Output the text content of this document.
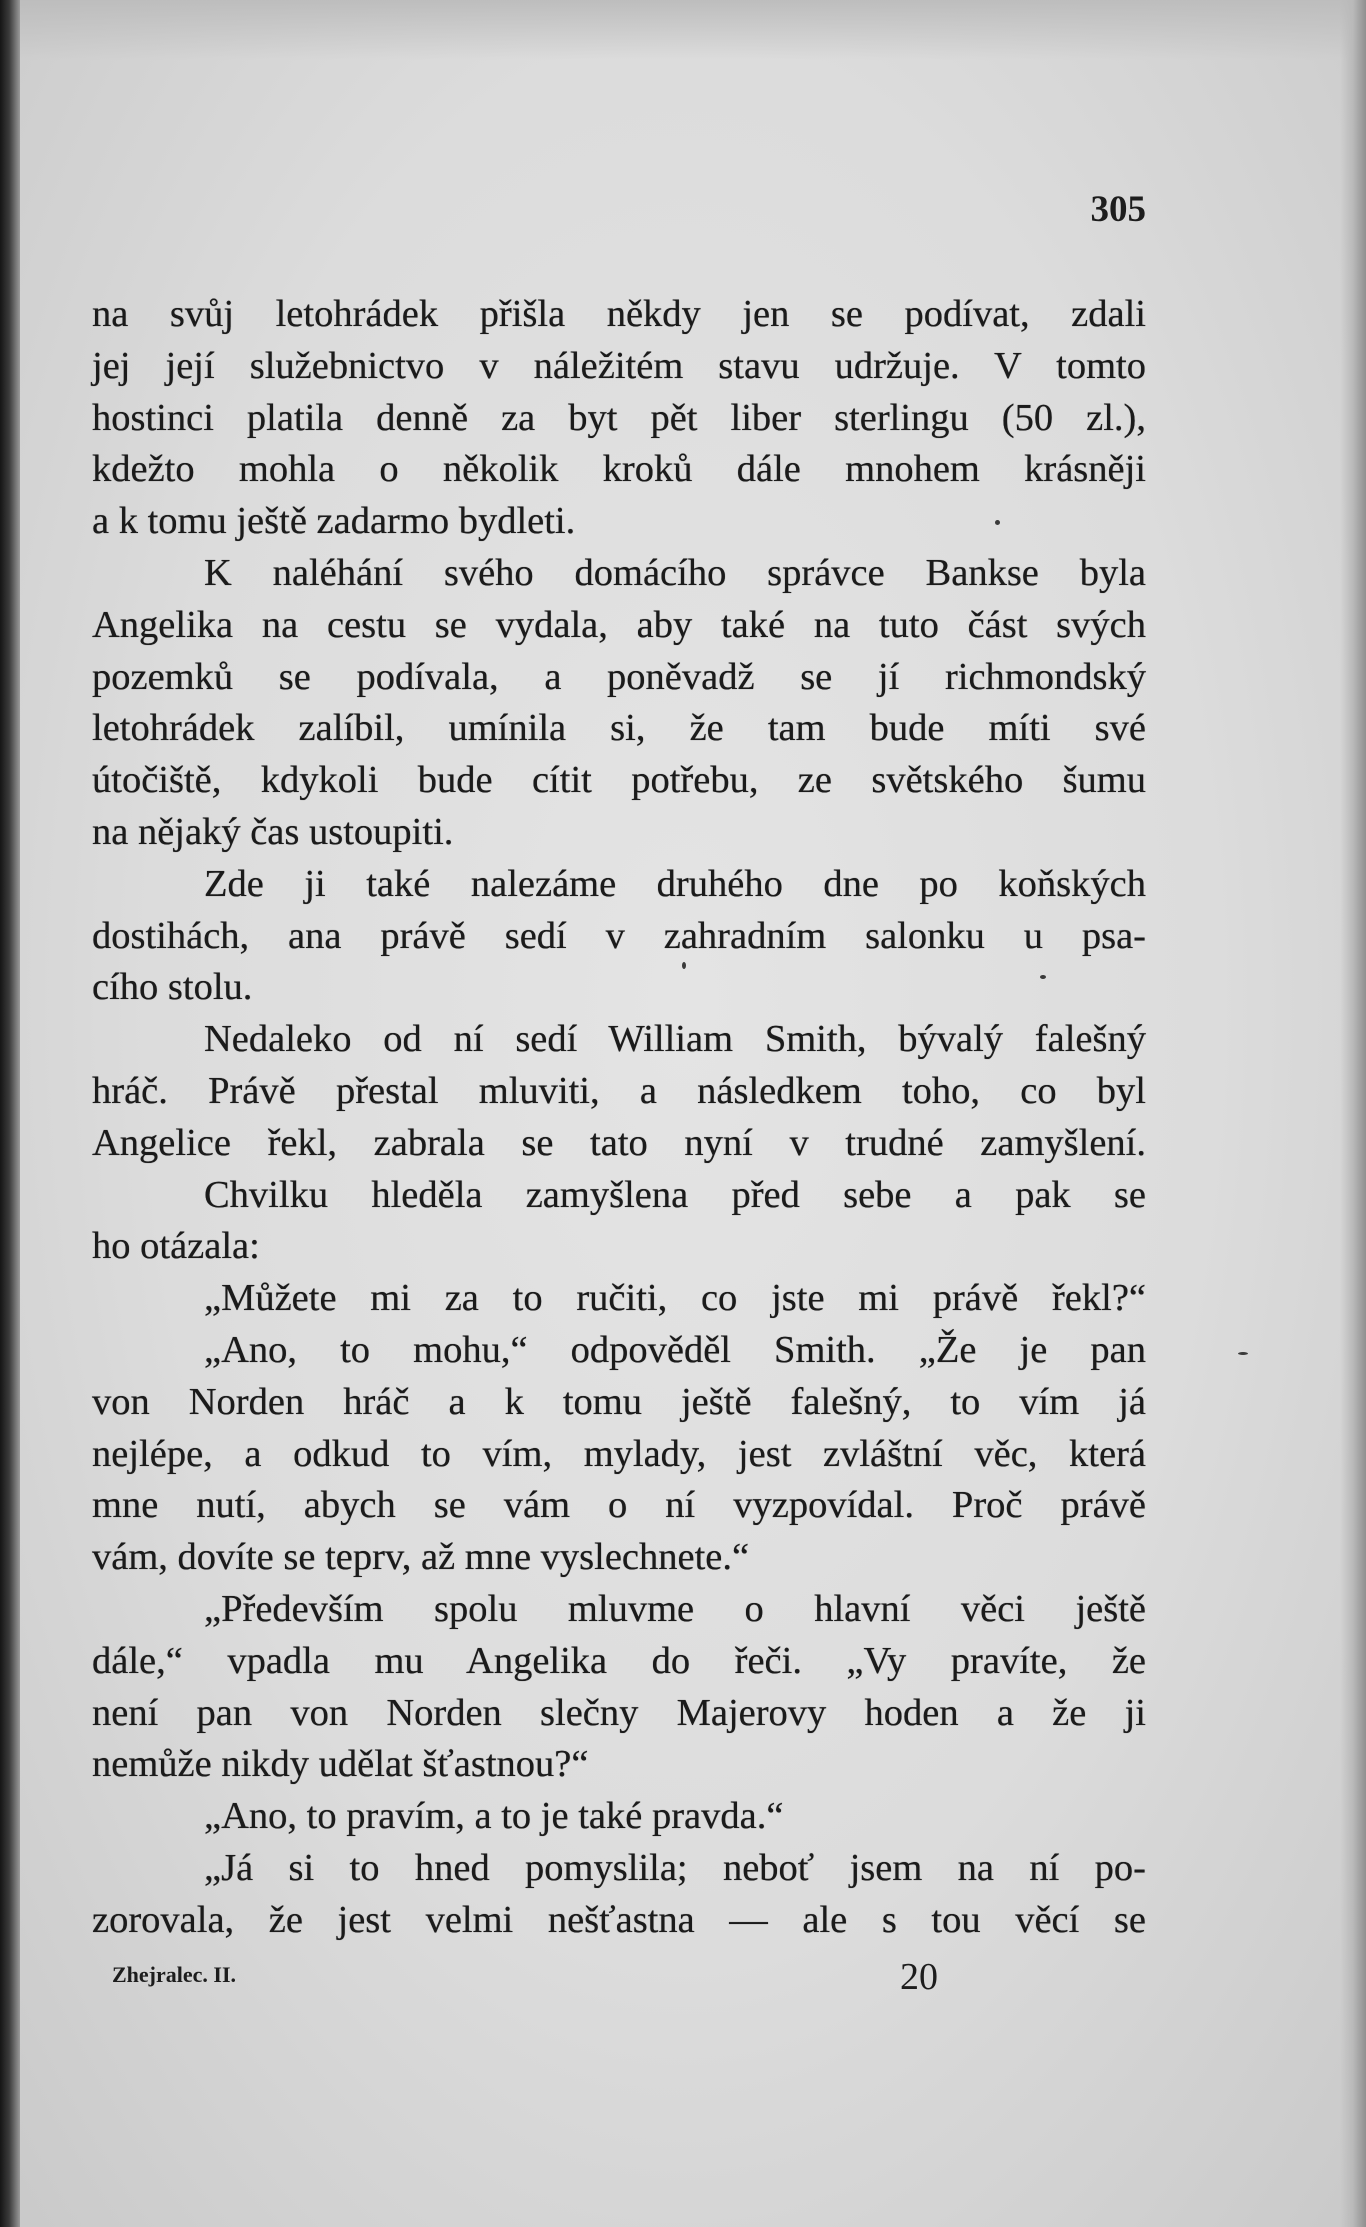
305
na svůj letohrádek přišla někdy jen se podívat, zdali
jej její služebnictvo v náležitém stavu udržuje. V tomto
hostinci platila denně za byt pět liber sterlingu (50 zl.),
kdežto mohla o několik kroků dále mnohem krásněji
a k tomu ještě zadarmo bydleti.
K naléhání svého domácího správce Bankse byla
Angelika na cestu se vydala, aby také na tuto část svých
pozemků se podívala, a poněvadž se jí richmondský
letohrádek zalíbil, umínila si, že tam bude míti své
útočiště, kdykoli bude cítit potřebu, ze světského šumu
na nějaký čas ustoupiti.
Zde ji také nalezáme druhého dne po koňských
dostihách, ana právě sedí v zahradním salonku u psa-
cího stolu.
Nedaleko od ní sedí William Smith, bývalý falešný
hráč. Právě přestal mluviti, a následkem toho, co byl
Angelice řekl, zabrala se tato nyní v trudné zamyšlení.
Chvilku hleděla zamyšlena před sebe a pak se
ho otázala:
„Můžete mi za to ručiti, co jste mi právě řekl?“
„Ano, to mohu,“ odpověděl Smith. „Že je pan
von Norden hráč a k tomu ještě falešný, to vím já
nejlépe, a odkud to vím, mylady, jest zvláštní věc, která
mne nutí, abych se vám o ní vyzpovídal. Proč právě
vám, dovíte se teprv, až mne vyslechnete.“
„Především spolu mluvme o hlavní věci ještě
dále,“ vpadla mu Angelika do řeči. „Vy pravíte, že
není pan von Norden slečny Majerovy hoden a že ji
nemůže nikdy udělat šťastnou?“
„Ano, to pravím, a to je také pravda.“
„Já si to hned pomyslila; neboť jsem na ní po-
zorovala, že jest velmi nešťastna — ale s tou věcí se
Zhejralec. II.	20
